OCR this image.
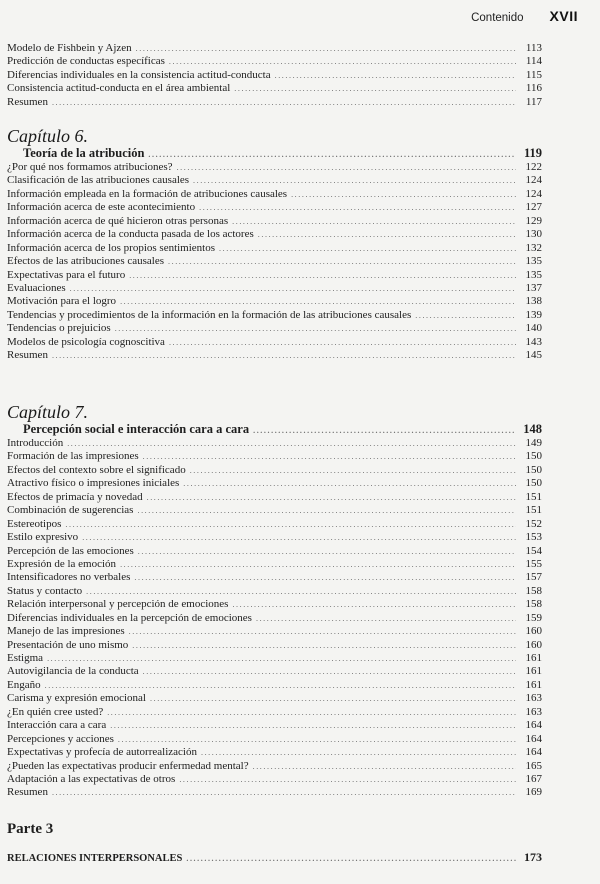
Contenido XVII
Modelo de Fishbein y Ajzen .....	113
Predicción de conductas específicas .....	114
Diferencias individuales en la consistencia actitud-conducta .....	115
Consistencia actitud-conducta en el área ambiental .....	116
Resumen .....	117
Capítulo 6.
Teoría de la atribución .....	119
¿Por qué nos formamos atribuciones? .....	122
Clasificación de las atribuciones causales .....	124
Información empleada en la formación de atribuciones causales .....	124
Información acerca de este acontecimiento .....	127
Información acerca de qué hicieron otras personas .....	129
Información acerca de la conducta pasada de los actores .....	130
Información acerca de los propios sentimientos .....	132
Efectos de las atribuciones causales .....	135
Expectativas para el futuro .....	135
Evaluaciones .....	137
Motivación para el logro .....	138
Tendencias y procedimientos de la información en la formación de las atribuciones causales .....	139
Tendencias o prejuicios .....	140
Modelos de psicología cognoscitiva .....	143
Resumen .....	145
Capítulo 7.
Percepción social e interacción cara a cara .....	148
Introducción .....	149
Formación de las impresiones .....	150
Efectos del contexto sobre el significado .....	150
Atractivo físico o impresiones iniciales .....	150
Efectos de primacía y novedad .....	151
Combinación de sugerencias .....	151
Estereotipos .....	152
Estilo expresivo .....	153
Percepción de las emociones .....	154
Expresión de la emoción .....	155
Intensificadores no verbales .....	157
Status y contacto .....	158
Relación interpersonal y percepción de emociones .....	158
Diferencias individuales en la percepción de emociones .....	159
Manejo de las impresiones .....	160
Presentación de uno mismo .....	160
Estigma .....	161
Autovigilancia de la conducta .....	161
Engaño .....	161
Carisma y expresión emocional .....	163
¿En quién cree usted? .....	163
Interacción cara a cara .....	164
Percepciones y acciones .....	164
Expectativas y profecía de autorrealización .....	164
¿Pueden las expectativas producir enfermedad mental? .....	165
Adaptación a las expectativas de otros .....	167
Resumen .....	169
Parte 3
RELACIONES INTERPERSONALES .....	173
